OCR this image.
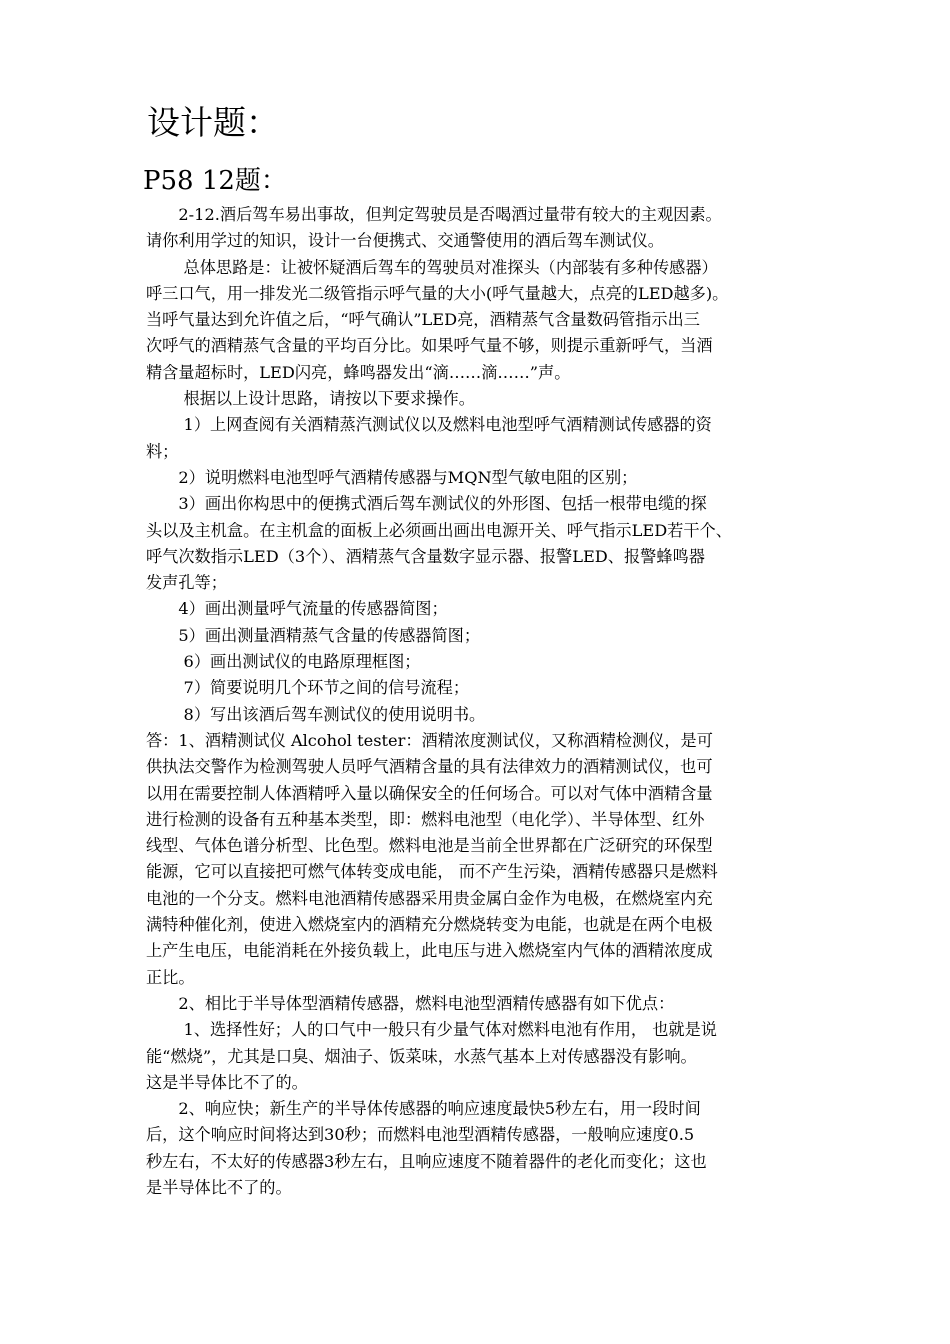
设计题：
P58 12题：

　　2-12.酒后驾车易出事故，但判定驾驶员是否喝酒过量带有较大的主观因素。

请你利用学过的知识，设计一台便携式、交通警使用的酒后驾车测试仪。

　　 总体思路是：让被怀疑酒后驾车的驾驶员对准探头（内部装有多种传感器）

呼三口气，用一排发光二级管指示呼气量的大小(呼气量越大，点亮的LED越多)。

当呼气量达到允许值之后，“呼气确认”LED亮，酒精蒸气含量数码管指示出三

次呼气的酒精蒸气含量的平均百分比。如果呼气量不够，则提示重新呼气，当酒

精含量超标时，LED闪亮，蜂鸣器发出“滴……滴……”声。

　　 根据以上设计思路，请按以下要求操作。

　　 1）上网查阅有关酒精蒸汽测试仪以及燃料电池型呼气酒精测试传感器的资

料；

　　2）说明燃料电池型呼气酒精传感器与MQN型气敏电阻的区别；

　　3）画出你构思中的便携式酒后驾车测试仪的外形图、包括一根带电缆的探

头以及主机盒。在主机盒的面板上必须画出画出电源开关、呼气指示LED若干个、

呼气次数指示LED（3个）、酒精蒸气含量数字显示器、报警LED、报警蜂鸣器

发声孔等；

　　4）画出测量呼气流量的传感器简图；

　　5）画出测量酒精蒸气含量的传感器简图；

　　 6）画出测试仪的电路原理框图；

　　 7）简要说明几个环节之间的信号流程；

　　 8）写出该酒后驾车测试仪的使用说明书。

答：1、酒精测试仪 Alcohol tester：酒精浓度测试仪，又称酒精检测仪，是可

供执法交警作为检测驾驶人员呼气酒精含量的具有法律效力的酒精测试仪，也可

以用在需要控制人体酒精呼入量以确保安全的任何场合。可以对气体中酒精含量

进行检测的设备有五种基本类型，即：燃料电池型（电化学）、半导体型、红外

线型、气体色谱分析型、比色型。燃料电池是当前全世界都在广泛研究的环保型

能源，它可以直接把可燃气体转变成电能， 而不产生污染，酒精传感器只是燃料

电池的一个分支。燃料电池酒精传感器采用贵金属白金作为电极，在燃烧室内充

满特种催化剂，使进入燃烧室内的酒精充分燃烧转变为电能，也就是在两个电极

上产生电压，电能消耗在外接负载上，此电压与进入燃烧室内气体的酒精浓度成

正比。

　　2、相比于半导体型酒精传感器，燃料电池型酒精传感器有如下优点：

　　 1、选择性好；人的口气中一般只有少量气体对燃料电池有作用， 也就是说

能“燃烧”，尤其是口臭、烟油子、饭菜味，水蒸气基本上对传感器没有影响。

这是半导体比不了的。

　　2、响应快；新生产的半导体传感器的响应速度最快5秒左右，用一段时间

后，这个响应时间将达到30秒；而燃料电池型酒精传感器，一般响应速度0.5

秒左右，不太好的传感器3秒左右，且响应速度不随着器件的老化而变化；这也

是半导体比不了的。
